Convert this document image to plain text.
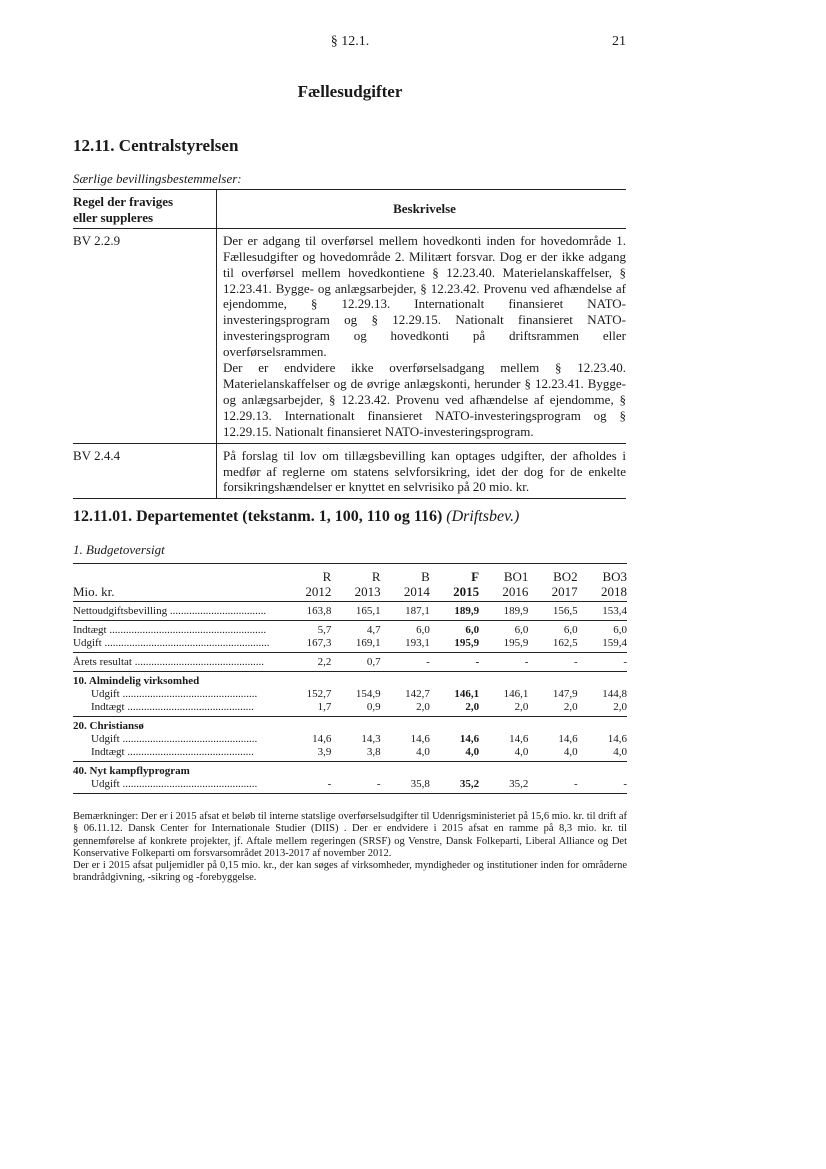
§ 12.1.	21
Fællesudgifter
12.11. Centralstyrelsen
Særlige bevillingsbestemmelser:
Regel der fraviges
eller suppleres	Beskrivelse
BV 2.2.9	Der er adgang til overførsel mellem hovedkonti inden for hovedområde 1. Fællesudgifter og hovedområde 2. Militært forsvar. Dog er der ikke adgang til overførsel mellem hovedkontiene § 12.23.40. Materielanskaffelser, § 12.23.41. Bygge- og anlægsarbejder, § 12.23.42. Provenu ved afhændelse af ejendomme, § 12.29.13. Internationalt finansieret NATO-investeringsprogram og § 12.29.15. Nationalt finansieret NATO-investeringsprogram og hovedkonti på driftsrammen eller overførselsrammen.
Der er endvidere ikke overførselsadgang mellem § 12.23.40. Materielanskaffelser og de øvrige anlægskonti, herunder § 12.23.41. Bygge- og anlægsarbejder, § 12.23.42. Provenu ved afhændelse af ejendomme, § 12.29.13. Internationalt finansieret NATO-investeringsprogram og § 12.29.15. Nationalt finansieret NATO-investeringsprogram.

BV 2.4.4	På forslag til lov om tillægsbevilling kan optages udgifter, der afholdes i medfør af reglerne om statens selvforsikring, idet der dog for de enkelte forsikringshændelser er knyttet en selvrisiko på 20 mio. kr.
12.11.01. Departementet (tekstanm. 1, 100, 110 og 116) (Driftsbev.)
1. Budgetoversigt

	R	R	B	F	BO1	BO2	BO3
Mio. kr.	2012	2013	2014	2015	2016	2017	2018
Nettoudgiftsbevilling ...................................	163,8	165,1	187,1	189,9	189,9	156,5	153,4
Indtægt .........................................................	5,7	4,7	6,0	6,0	6,0	6,0	6,0
Udgift ............................................................	167,3	169,1	193,1	195,9	195,9	162,5	159,4
Årets resultat ...............................................	2,2	0,7	-	-	-	-	-
10. Almindelig virksomhed							
Udgift .................................................	152,7	154,9	142,7	146,1	146,1	147,9	144,8
Indtægt ..............................................	1,7	0,9	2,0	2,0	2,0	2,0	2,0
20. Christiansø							
Udgift .................................................	14,6	14,3	14,6	14,6	14,6	14,6	14,6
Indtægt ..............................................	3,9	3,8	4,0	4,0	4,0	4,0	4,0
40. Nyt kampflyprogram							
Udgift .................................................	-	-	35,8	35,2	35,2	-	-

Bemærkninger: Der er i 2015 afsat et beløb til interne statslige overførselsudgifter til Udenrigsministeriet på 15,6 mio. kr. til drift af § 06.11.12. Dansk Center for Internationale Studier (DIIS) . Der er endvidere i 2015 afsat en ramme på 8,3 mio. kr. til gennemførelse af konkrete projekter, jf. Aftale mellem regeringen (SRSF) og Venstre, Dansk Folkeparti, Liberal Alliance og Det Konservative Folkeparti om forsvarsområdet 2013-2017 af november 2012.

Der er i 2015 afsat puljemidler på 0,15 mio. kr., der kan søges af virksomheder, myndigheder og institutioner inden for områderne brandrådgivning, -sikring og -forebyggelse.
